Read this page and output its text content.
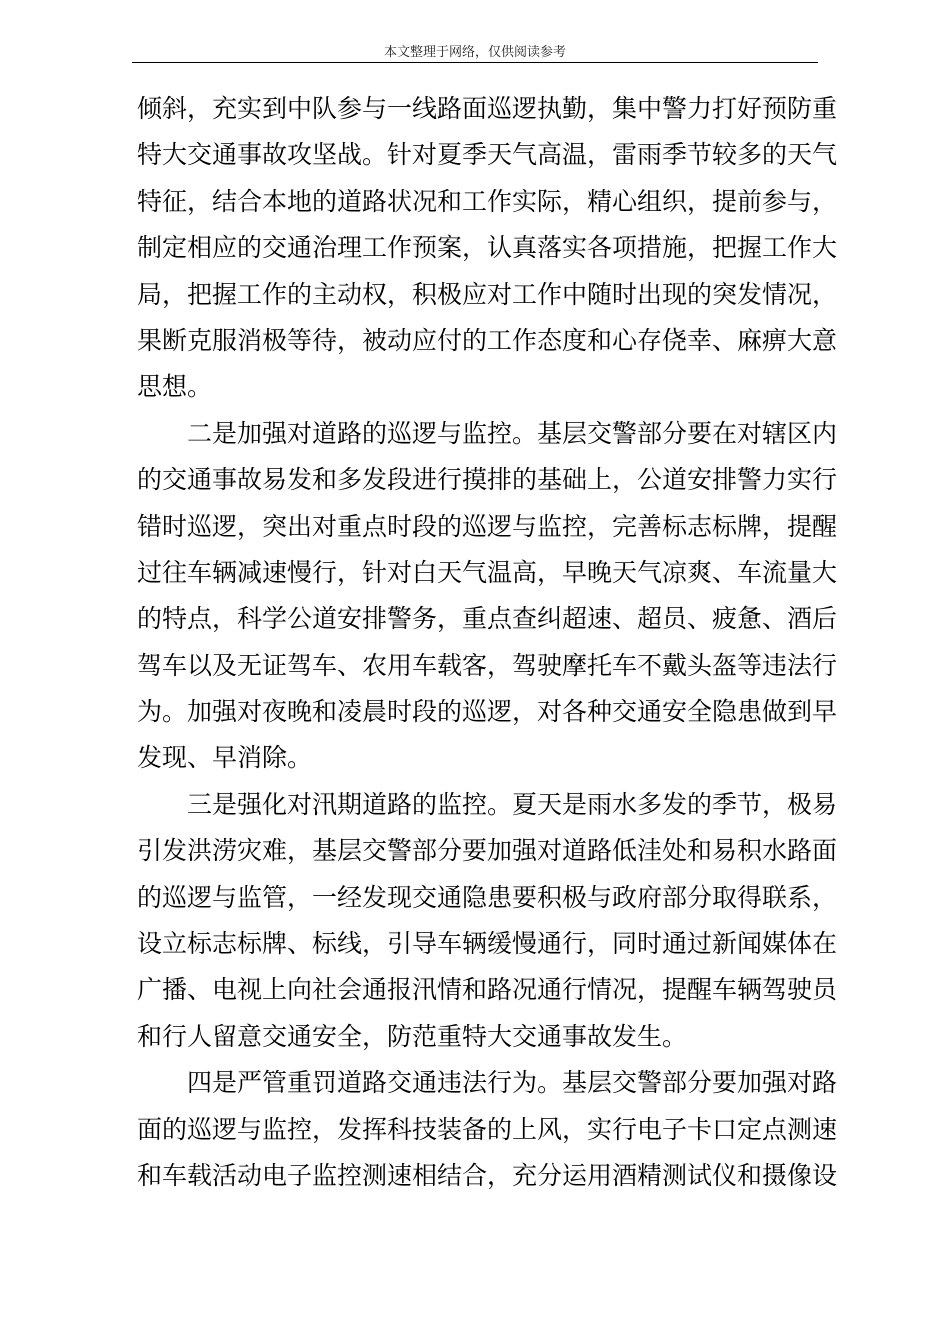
本文整理于网络，仅供阅读参考
倾斜，充实到中队参与一线路面巡逻执勤，集中警力打好预防重
特大交通事故攻坚战。针对夏季天气高温，雷雨季节较多的天气
特征，结合本地的道路状况和工作实际，精心组织，提前参与，
制定相应的交通治理工作预案，认真落实各项措施，把握工作大
局，把握工作的主动权，积极应对工作中随时出现的突发情况，
果断克服消极等待，被动应付的工作态度和心存侥幸、麻痹大意
思想。
　　二是加强对道路的巡逻与监控。基层交警部分要在对辖区内
的交通事故易发和多发段进行摸排的基础上，公道安排警力实行
错时巡逻，突出对重点时段的巡逻与监控，完善标志标牌，提醒
过往车辆减速慢行，针对白天气温高，早晚天气凉爽、车流量大
的特点，科学公道安排警务，重点查纠超速、超员、疲惫、酒后
驾车以及无证驾车、农用车载客，驾驶摩托车不戴头盔等违法行
为。加强对夜晚和凌晨时段的巡逻，对各种交通安全隐患做到早
发现、早消除。
　　三是强化对汛期道路的监控。夏天是雨水多发的季节，极易
引发洪涝灾难，基层交警部分要加强对道路低洼处和易积水路面
的巡逻与监管，一经发现交通隐患要积极与政府部分取得联系，
设立标志标牌、标线，引导车辆缓慢通行，同时通过新闻媒体在
广播、电视上向社会通报汛情和路况通行情况，提醒车辆驾驶员
和行人留意交通安全，防范重特大交通事故发生。
　　四是严管重罚道路交通违法行为。基层交警部分要加强对路
面的巡逻与监控，发挥科技装备的上风，实行电子卡口定点测速
和车载活动电子监控测速相结合，充分运用酒精测试仪和摄像设
